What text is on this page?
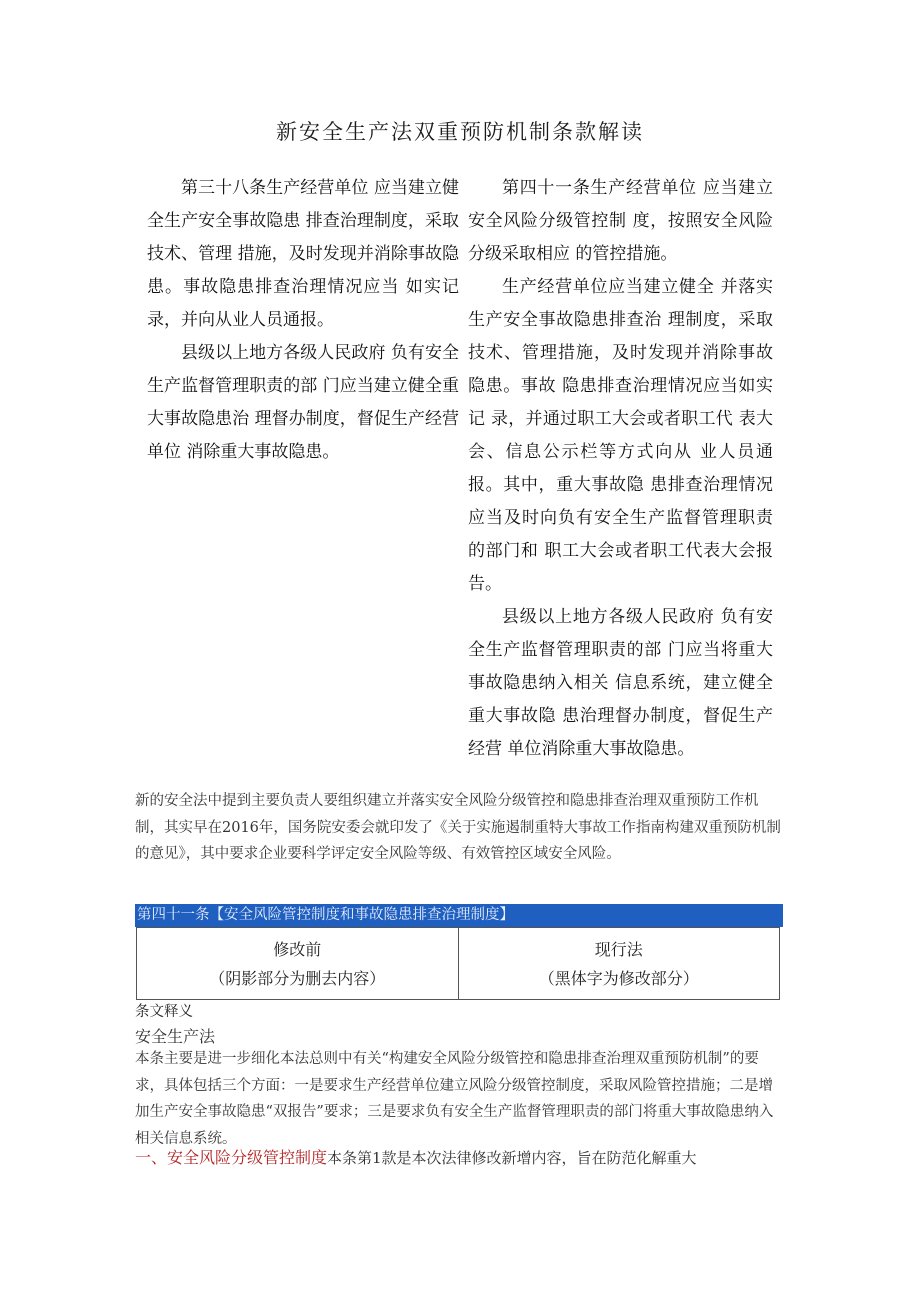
新安全生产法双重预防机制条款解读

第三十八条生产经营单位 应当建立健全生产安全事故隐患 排查治理制度，采取技术、管理 措施，及时发现并消除事故隐 患。事故隐患排查治理情况应当 如实记录，并向从业人员通报。

县级以上地方各级人民政府 负有安全生产监督管理职责的部 门应当建立健全重大事故隐患治 理督办制度，督促生产经营单位 消除重大事故隐患。

第四十一条生产经营单位 应当建立安全风险分级管控制 度，按照安全风险分级采取相应 的管控措施。

生产经营单位应当建立健全 并落实生产安全事故隐患排查治 理制度，采取技术、管理措施，及时发现并消除事故隐患。事故 隐患排查治理情况应当如实记 录，并通过职工大会或者职工代 表大会、信息公示栏等方式向从 业人员通报。其中，重大事故隐 患排查治理情况应当及时向负有安全生产监督管理职责的部门和 职工大会或者职工代表大会报告。

县级以上地方各级人民政府 负有安全生产监督管理职责的部 门应当将重大事故隐患纳入相关 信息系统，建立健全重大事故隐 患治理督办制度，督促生产经营 单位消除重大事故隐患。

新的安全法中提到主要负责人要组织建立并落实安全风险分级管控和隐患排查治理双重预防工作机制，其实早在2016年，国务院安委会就印发了《关于实施遏制重特大事故工作指南构建双重预防机制的意见》，其中要求企业要科学评定安全风险等级、有效管控区域安全风险。
第四十一条【安全风险管控制度和事故隐患排查治理制度】
修改前
（阴影部分为删去内容）

现行法
（黑体字为修改部分）
条文释义
安全生产法
本条主要是进一步细化本法总则中有关“构建安全风险分级管控和隐患排查治理双重预防机制”的要求，具体包括三个方面：一是要求生产经营单位建立风险分级管控制度，采取风险管控措施；二是增加生产安全事故隐患“双报告”要求；三是要求负有安全生产监督管理职责的部门将重大事故隐患纳入相关信息系统。
一、安全风险分级管控制度本条第1款是本次法律修改新增内容，旨在防范化解重大
